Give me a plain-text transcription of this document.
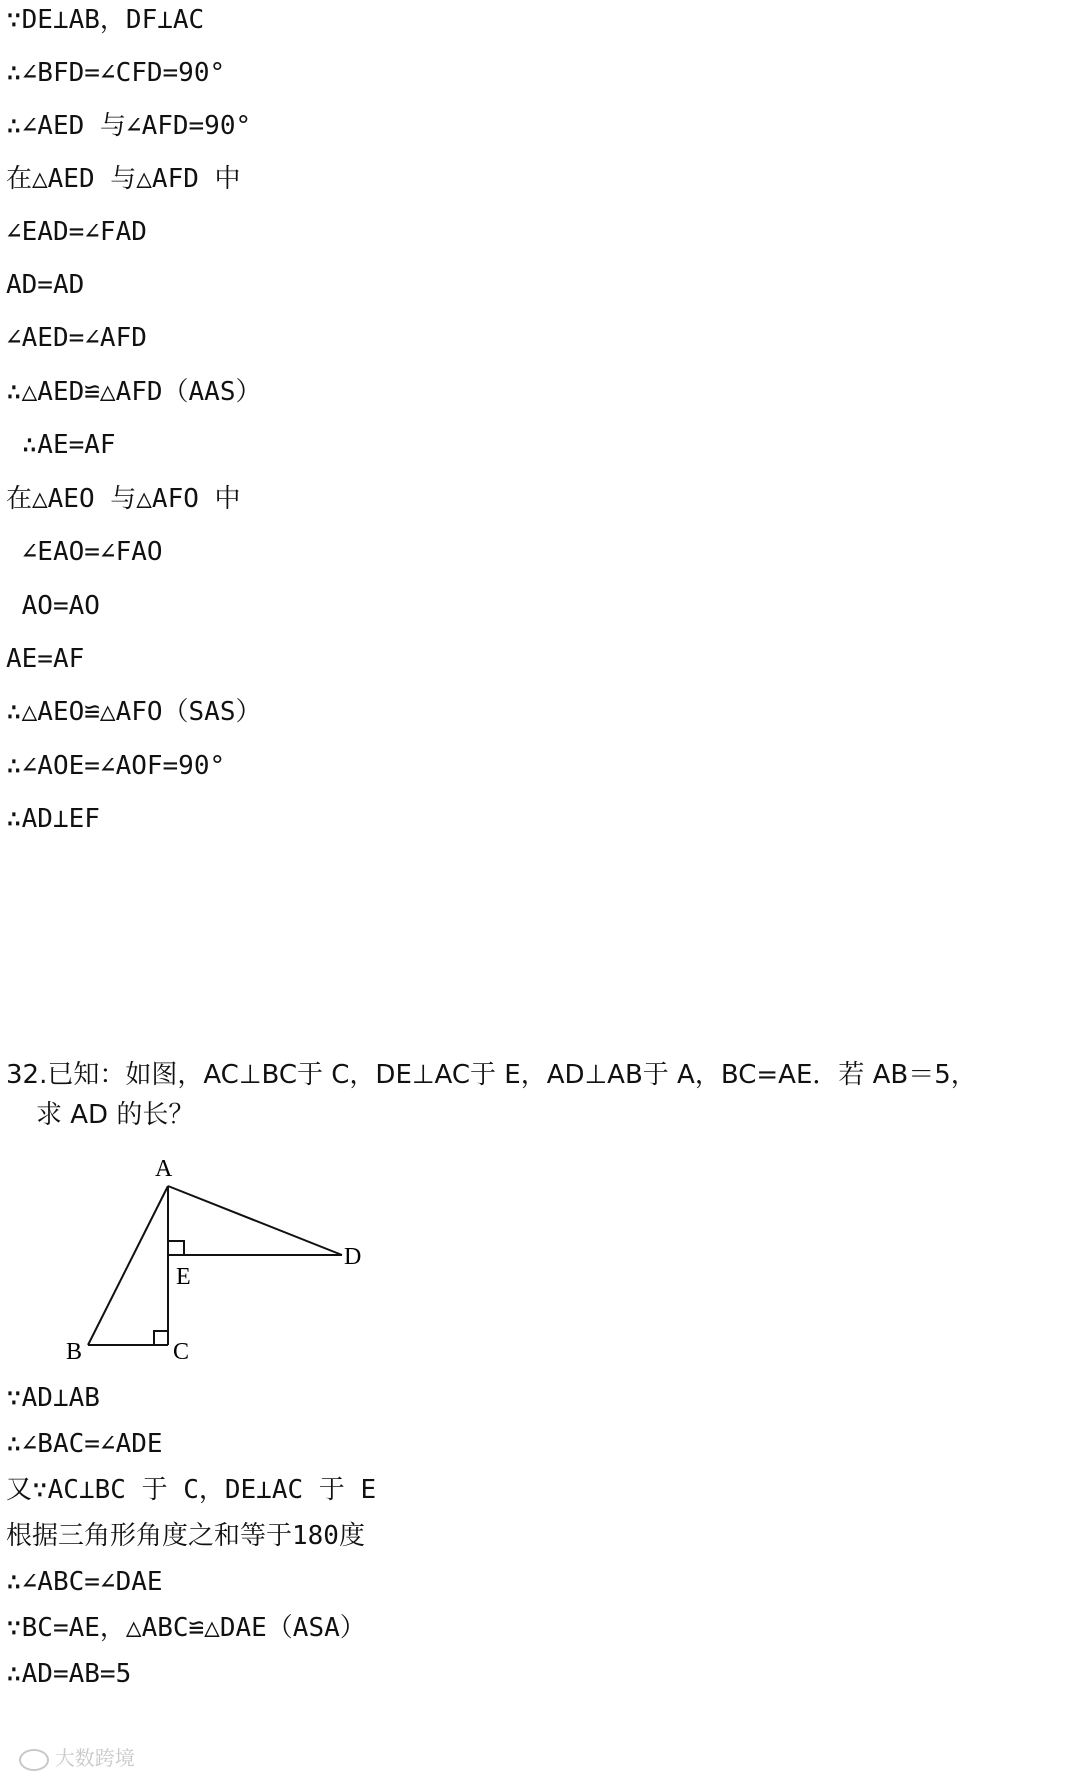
∵DE⊥AB，DF⊥AC
∴∠BFD=∠CFD=90°
∴∠AED 与∠AFD=90°
在△AED 与△AFD 中
∠EAD=∠FAD
AD=AD
∠AED=∠AFD
∴△AED≌△AFD（AAS）
∴AE=AF
在△AEO 与△AFO 中
∠EAO=∠FAO
AO=AO
AE=AF
∴△AEO≌△AFO（SAS）
∴∠AOE=∠AOF=90°
∴AD⊥EF
32.已知：如图，AC⊥BC于 C，DE⊥AC于 E，AD⊥AB于 A，BC=AE．若 AB＝5，
求 AD 的长？
A
B	C
D
E
∵AD⊥AB
∴∠BAC=∠ADE
又∵AC⊥BC 于 C，DE⊥AC 于 E
根据三角形角度之和等于180度
∴∠ABC=∠DAE
∵BC=AE，△ABC≌△DAE（ASA）
∴AD=AB=5

大数跨境
